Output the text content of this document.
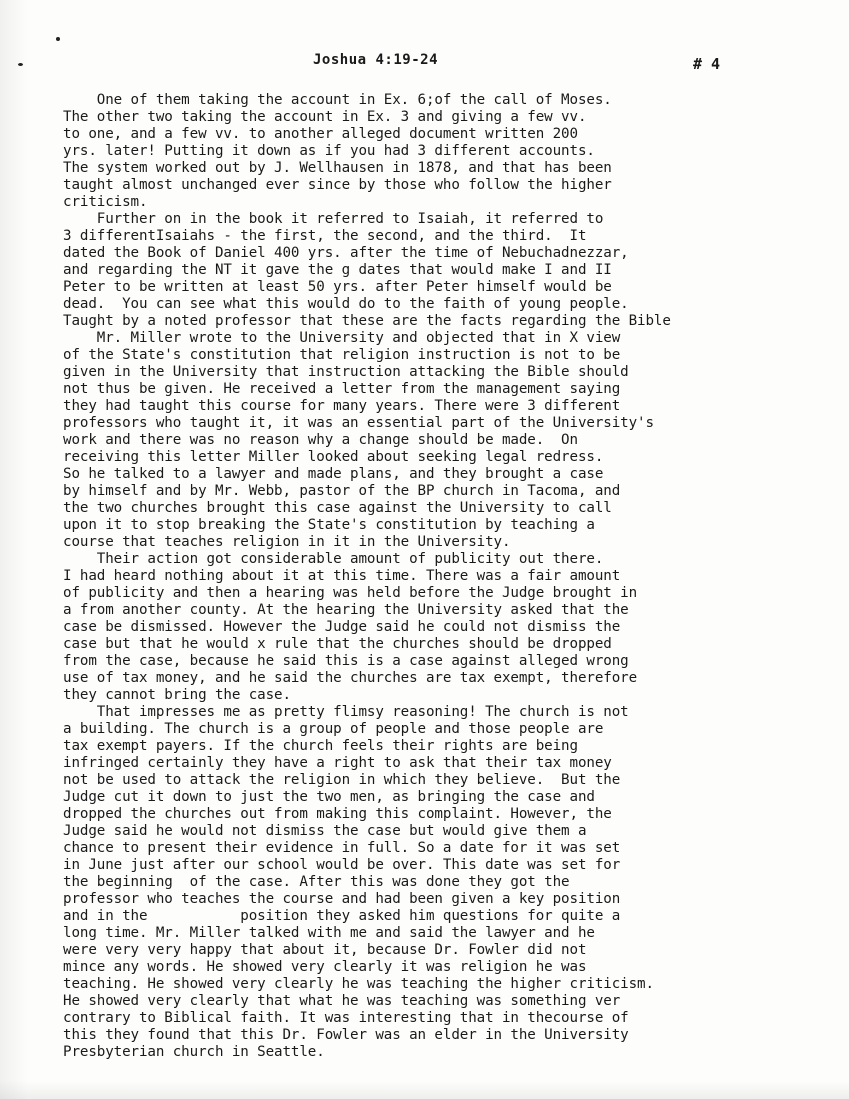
Joshua 4:19-24	# 4
One of them taking the account in Ex. 6;of the call of Moses.
The other two taking the account in Ex. 3 and giving a few vv.
to one, and a few vv. to another alleged document written 200
yrs. later! Putting it down as if you had 3 different accounts.
The system worked out by J. Wellhausen in 1878, and that has been
taught almost unchanged ever since by those who follow the higher
criticism.
Further on in the book it referred to Isaiah, it referred to
3 differentIsaiahs - the first, the second, and the third.  It
dated the Book of Daniel 400 yrs. after the time of Nebuchadnezzar,
and regarding the NT it gave the g dates that would make I and II
Peter to be written at least 50 yrs. after Peter himself would be
dead.  You can see what this would do to the faith of young people.
Taught by a noted professor that these are the facts regarding the Bible
Mr. Miller wrote to the University and objected that in X view
of the State's constitution that religion instruction is not to be
given in the University that instruction attacking the Bible should
not thus be given. He received a letter from the management saying
they had taught this course for many years. There were 3 different
professors who taught it, it was an essential part of the University's
work and there was no reason why a change should be made.  On
receiving this letter Miller looked about seeking legal redress.
So he talked to a lawyer and made plans, and they brought a case
by himself and by Mr. Webb, pastor of the BP church in Tacoma, and
the two churches brought this case against the University to call
upon it to stop breaking the State's constitution by teaching a
course that teaches religion in it in the University.
Their action got considerable amount of publicity out there.
I had heard nothing about it at this time. There was a fair amount
of publicity and then a hearing was held before the Judge brought in
a from another county. At the hearing the University asked that the
case be dismissed. However the Judge said he could not dismiss the
case but that he would x rule that the churches should be dropped
from the case, because he said this is a case against alleged wrong
use of tax money, and he said the churches are tax exempt, therefore
they cannot bring the case.
That impresses me as pretty flimsy reasoning! The church is not
a building. The church is a group of people and those people are
tax exempt payers. If the church feels their rights are being
infringed certainly they have a right to ask that their tax money
not be used to attack the religion in which they believe.  But the
Judge cut it down to just the two men, as bringing the case and
dropped the churches out from making this complaint. However, the
Judge said he would not dismiss the case but would give them a
chance to present their evidence in full. So a date for it was set
in June just after our school would be over. This date was set for
the beginning  of the case. After this was done they got the
professor who teaches the course and had been given a key position
and in the           position they asked him questions for quite a
long time. Mr. Miller talked with me and said the lawyer and he
were very very happy that about it, because Dr. Fowler did not
mince any words. He showed very clearly it was religion he was
teaching. He showed very clearly he was teaching the higher criticism.
He showed very clearly that what he was teaching was something ver
contrary to Biblical faith. It was interesting that in thecourse of
this they found that this Dr. Fowler was an elder in the University
Presbyterian church in Seattle.
